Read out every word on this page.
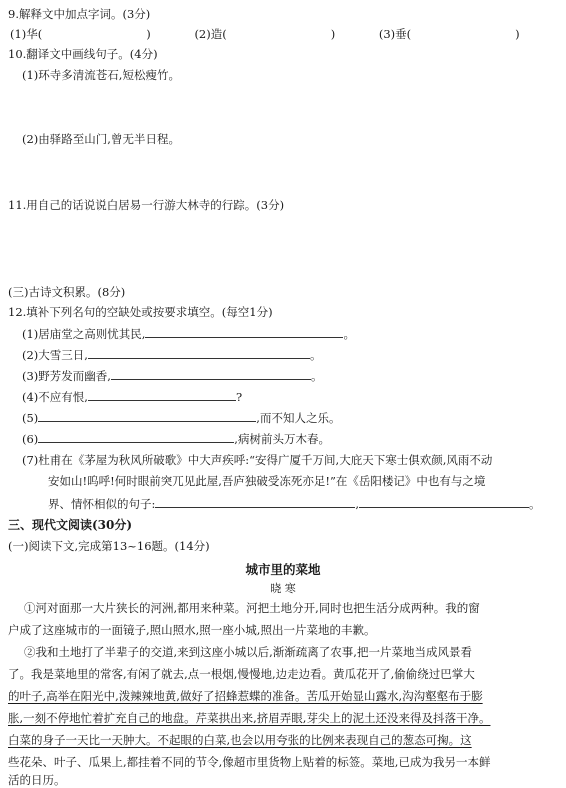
9.解释文中加点字词。(3分)
(1)华(	)	(2)造(	)	(3)垂(	)
10.翻译文中画线句子。(4分)
(1)环寺多清流苍石,短松瘦竹。
(2)由驿路至山门,曾无半日程。
11.用自己的话说说白居易一行游大林寺的行踪。(3分)
(三)古诗文积累。(8分)
12.填补下列名句的空缺处或按要求填空。(每空1分)
(1)居庙堂之高则忧其民,	。
(2)大雪三日,	。
(3)野芳发而幽香,	。
(4)不应有恨,	?
(5)	,而不知人之乐。
(6)	,病树前头万木春。
(7)杜甫在《茅屋为秋风所破歌》中大声疾呼:“安得广厦千万间,大庇天下寒士俱欢颜,风雨不动
安如山!呜呼!何时眼前突兀见此屋,吾庐独破受冻死亦足!”在《岳阳楼记》中也有与之境
界、情怀相似的句子:	,	。
三、现代文阅读(30分)
(一)阅读下文,完成第13~16题。(14分)
城市里的菜地
晓 寒
①河对面那一大片狭长的河洲,都用来种菜。河把土地分开,同时也把生活分成两种。我的窗
户成了这座城市的一面镜子,照山照水,照一座小城,照出一片菜地的丰歉。
②我和土地打了半辈子的交道,来到这座小城以后,渐渐疏离了农事,把一片菜地当成风景看
了。我是菜地里的常客,有闲了就去,点一根烟,慢慢地,边走边看。黄瓜花开了,偷偷绕过巴掌大
的叶子,高举在阳光中,泼辣辣地黄,做好了招蜂惹蝶的准备。苦瓜开始显山露水,沟沟壑壑布于膨
胀,一刻不停地忙着扩充自己的地盘。芹菜拱出来,挤眉弄眼,芽尖上的泥土还没来得及抖落干净。
白菜的身子一天比一天肿大。不起眼的白菜,也会以用夸张的比例来表现自己的葱态可掬。这
些花朵、叶子、瓜果上,都挂着不同的节令,像超市里货物上贴着的标签。菜地,已成为我另一本鲜
活的日历。
